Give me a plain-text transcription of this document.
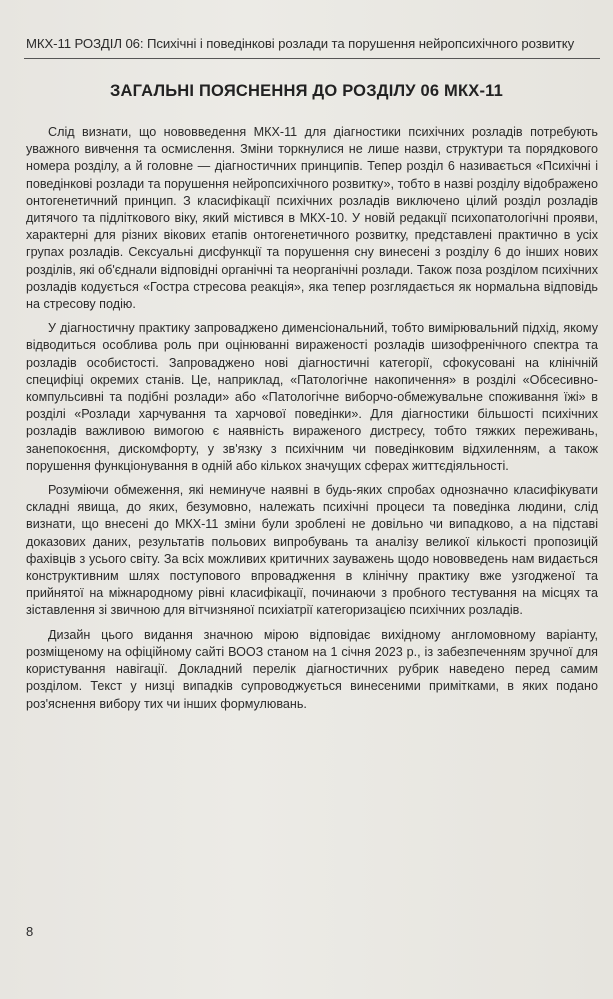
МКХ-11 РОЗДІЛ 06: Психічні і поведінкові розлади та порушення нейропсихічного розвитку
ЗАГАЛЬНІ ПОЯСНЕННЯ ДО РОЗДІЛУ 06 МКХ-11

Слід визнати, що нововведення МКХ-11 для діагностики психічних розладів потребують уважного вивчення та осмислення. Зміни торкнулися не лише назви, структури та порядкового номера розділу, а й головне — діагностичних принципів. Тепер розділ 6 називається «Психічні і поведінкові розлади та порушення нейропсихічного розвитку», тобто в назві розділу відображено онтогенетичний принцип. З класифікації психічних розладів виключено цілий розділ розладів дитячого та підліткового віку, який містився в МКХ-10. У новій редакції психопатологічні прояви, характерні для різних вікових етапів онтогенетичного розвитку, представлені практично в усіх групах розладів. Сексуальні дисфункції та порушення сну винесені з розділу 6 до інших нових розділів, які об'єднали відповідні органічні та неорганічні розлади. Також поза розділом психічних розладів кодується «Гостра стресова реакція», яка тепер розглядається як нормальна відповідь на стресову подію.

У діагностичну практику запроваджено дименсіональний, тобто вимірювальний підхід, якому відводиться особлива роль при оцінюванні вираженості розладів шизофренічного спектра та розладів особистості. Запроваджено нові діагностичні категорії, сфокусовані на клінічній специфіці окремих станів. Це, наприклад, «Патологічне накопичення» в розділі «Обсесивно-компульсивні та подібні розлади» або «Патологічне виборчо-обмежувальне споживання їжі» в розділі «Розлади харчування та харчової поведінки». Для діагностики більшості психічних розладів важливою вимогою є наявність вираженого дистресу, тобто тяжких переживань, занепокоєння, дискомфорту, у зв'язку з психічним чи поведінковим відхиленням, а також порушення функціонування в одній або кількох значущих сферах життєдіяльності.

Розуміючи обмеження, які неминуче наявні в будь-яких спробах однозначно класифікувати складні явища, до яких, безумовно, належать психічні процеси та поведінка людини, слід визнати, що внесені до МКХ-11 зміни були зроблені не довільно чи випадково, а на підставі доказових даних, результатів польових випробувань та аналізу великої кількості пропозицій фахівців з усього світу. За всіх можливих критичних зауважень щодо нововведень нам видається конструктивним шлях поступового впровадження в клінічну практику вже узгодженої та прийнятої на міжнародному рівні класифікації, починаючи з пробного тестування на місцях та зіставлення зі звичною для вітчизняної психіатрії категоризацією психічних розладів.

Дизайн цього видання значною мірою відповідає вихідному англомовному варіанту, розміщеному на офіційному сайті ВООЗ станом на 1 січня 2023 р., із забезпеченням зручної для користування навігації. Докладний перелік діагностичних рубрик наведено перед самим розділом. Текст у низці випадків супроводжується винесеними примітками, в яких подано роз'яснення вибору тих чи інших формулювань.

8
